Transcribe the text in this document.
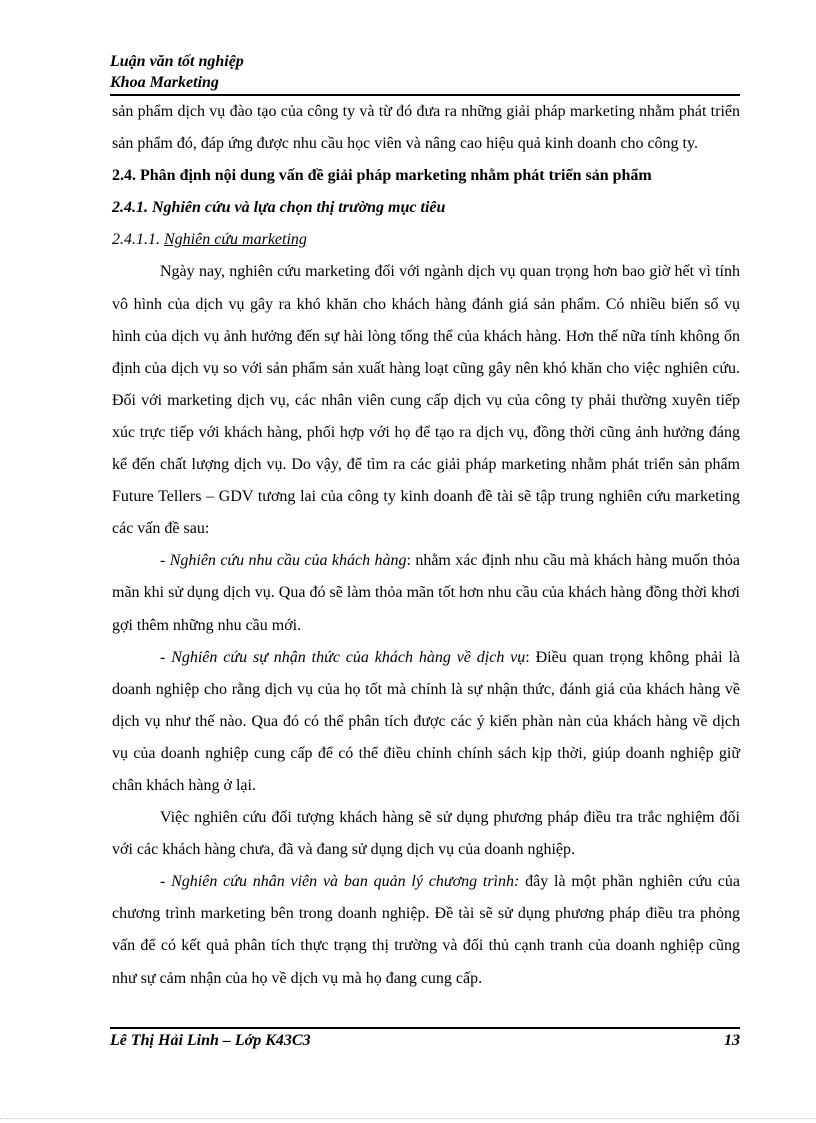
Luận văn tốt nghiệp
Khoa Marketing

sản phẩm dịch vụ đào tạo của công ty và từ đó đưa ra những giải pháp marketing nhằm phát triển sản phẩm đó, đáp ứng được nhu cầu học viên và nâng cao hiệu quả kinh doanh cho công ty.

2.4. Phân định nội dung vấn đề giải pháp marketing nhằm phát triển sản phẩm

2.4.1. Nghiên cứu và lựa chọn thị trường mục tiêu

2.4.1.1. Nghiên cứu marketing

Ngày nay, nghiên cứu marketing đối với ngành dịch vụ quan trọng hơn bao giờ hết vì tính vô hình của dịch vụ gây ra khó khăn cho khách hàng đánh giá sản phẩm. Có nhiều biến số vụ hình của dịch vụ ảnh hưởng đến sự hài lòng tổng thể của khách hàng. Hơn thế nữa tính không ổn định của dịch vụ so với sản phẩm sản xuất hàng loạt cũng gây nên khó khăn cho việc nghiên cứu. Đối với marketing dịch vụ, các nhân viên cung cấp dịch vụ của công ty phải thường xuyên tiếp xúc trực tiếp với khách hàng, phối hợp với họ để tạo ra dịch vụ, đồng thời cũng ảnh hưởng đáng kể đến chất lượng dịch vụ. Do vậy, để tìm ra các giải pháp marketing nhằm phát triển sản phẩm Future Tellers – GDV tương lai của công ty kinh doanh đề tài sẽ tập trung nghiên cứu marketing các vấn đề sau:

- Nghiên cứu nhu cầu của khách hàng: nhằm xác định nhu cầu mà khách hàng muốn thỏa mãn khi sử dụng dịch vụ. Qua đó sẽ làm thỏa mãn tốt hơn nhu cầu của khách hàng đồng thời khơi gợi thêm những nhu cầu mới.

- Nghiên cứu sự nhận thức của khách hàng về dịch vụ: Điều quan trọng không phải là doanh nghiệp cho rằng dịch vụ của họ tốt mà chính là sự nhận thức, đánh giá của khách hàng về dịch vụ như thế nào. Qua đó có thể phân tích được các ý kiến phàn nàn của khách hàng về dịch vụ của doanh nghiệp cung cấp để có thể điều chỉnh chính sách kịp thời, giúp doanh nghiệp giữ chân khách hàng ở lại.

Việc nghiên cứu đối tượng khách hàng sẽ sử dụng phương pháp điều tra trắc nghiệm đối với các khách hàng chưa, đã và đang sử dụng dịch vụ của doanh nghiệp.

- Nghiên cứu nhân viên và ban quản lý chương trình: đây là một phần nghiên cứu của chương trình marketing bên trong doanh nghiệp. Đề tài sẽ sử dụng phương pháp điều tra phỏng vấn để có kết quả phân tích thực trạng thị trường và đối thủ cạnh tranh của doanh nghiệp cũng như sự cảm nhận của họ về dịch vụ mà họ đang cung cấp.

Lê Thị Hải Linh – Lớp K43C3	13
